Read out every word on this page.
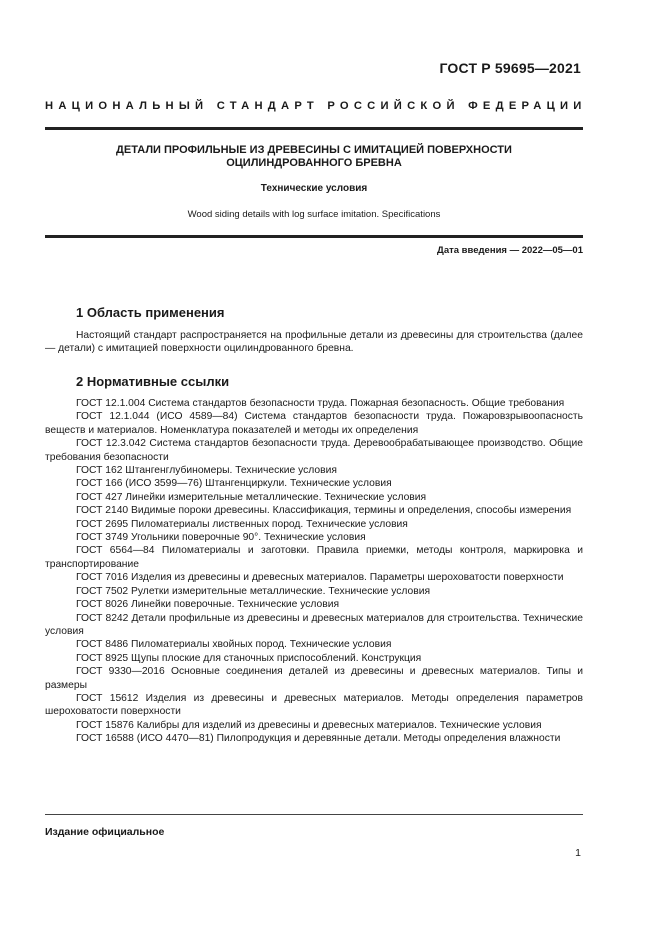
ГОСТ Р 59695—2021
НАЦИОНАЛЬНЫЙ СТАНДАРТ РОССИЙСКОЙ ФЕДЕРАЦИИ
ДЕТАЛИ ПРОФИЛЬНЫЕ ИЗ ДРЕВЕСИНЫ С ИМИТАЦИЕЙ ПОВЕРХНОСТИ
ОЦИЛИНДРОВАННОГО БРЕВНА
Технические условия
Wood siding details with log surface imitation. Specifications
Дата введения — 2022—05—01
1 Область применения

Настоящий стандарт распространяется на профильные детали из древесины для строительства (далее — детали) с имитацией поверхности оцилиндрованного бревна.

2 Нормативные ссылки

ГОСТ 12.1.004 Система стандартов безопасности труда. Пожарная безопасность. Общие требования

ГОСТ 12.1.044 (ИСО 4589—84) Система стандартов безопасности труда. Пожаровзрывоопасность веществ и материалов. Номенклатура показателей и методы их определения

ГОСТ 12.3.042 Система стандартов безопасности труда. Деревообрабатывающее производство. Общие требования безопасности

ГОСТ 162 Штангенглубиномеры. Технические условия

ГОСТ 166 (ИСО 3599—76) Штангенциркули. Технические условия

ГОСТ 427 Линейки измерительные металлические. Технические условия

ГОСТ 2140 Видимые пороки древесины. Классификация, термины и определения, способы измерения

ГОСТ 2695 Пиломатериалы лиственных пород. Технические условия

ГОСТ 3749 Угольники поверочные 90°. Технические условия

ГОСТ 6564—84 Пиломатериалы и заготовки. Правила приемки, методы контроля, маркировка и транспортирование

ГОСТ 7016 Изделия из древесины и древесных материалов. Параметры шероховатости поверхности

ГОСТ 7502 Рулетки измерительные металлические. Технические условия

ГОСТ 8026 Линейки поверочные. Технические условия

ГОСТ 8242 Детали профильные из древесины и древесных материалов для строительства. Технические условия

ГОСТ 8486 Пиломатериалы хвойных пород. Технические условия

ГОСТ 8925 Щупы плоские для станочных приспособлений. Конструкция

ГОСТ 9330—2016 Основные соединения деталей из древесины и древесных материалов. Типы и размеры

ГОСТ 15612 Изделия из древесины и древесных материалов. Методы определения параметров шероховатости поверхности

ГОСТ 15876 Калибры для изделий из древесины и древесных материалов. Технические условия

ГОСТ 16588 (ИСО 4470—81) Пилопродукция и деревянные детали. Методы определения влажности

Издание официальное
1
